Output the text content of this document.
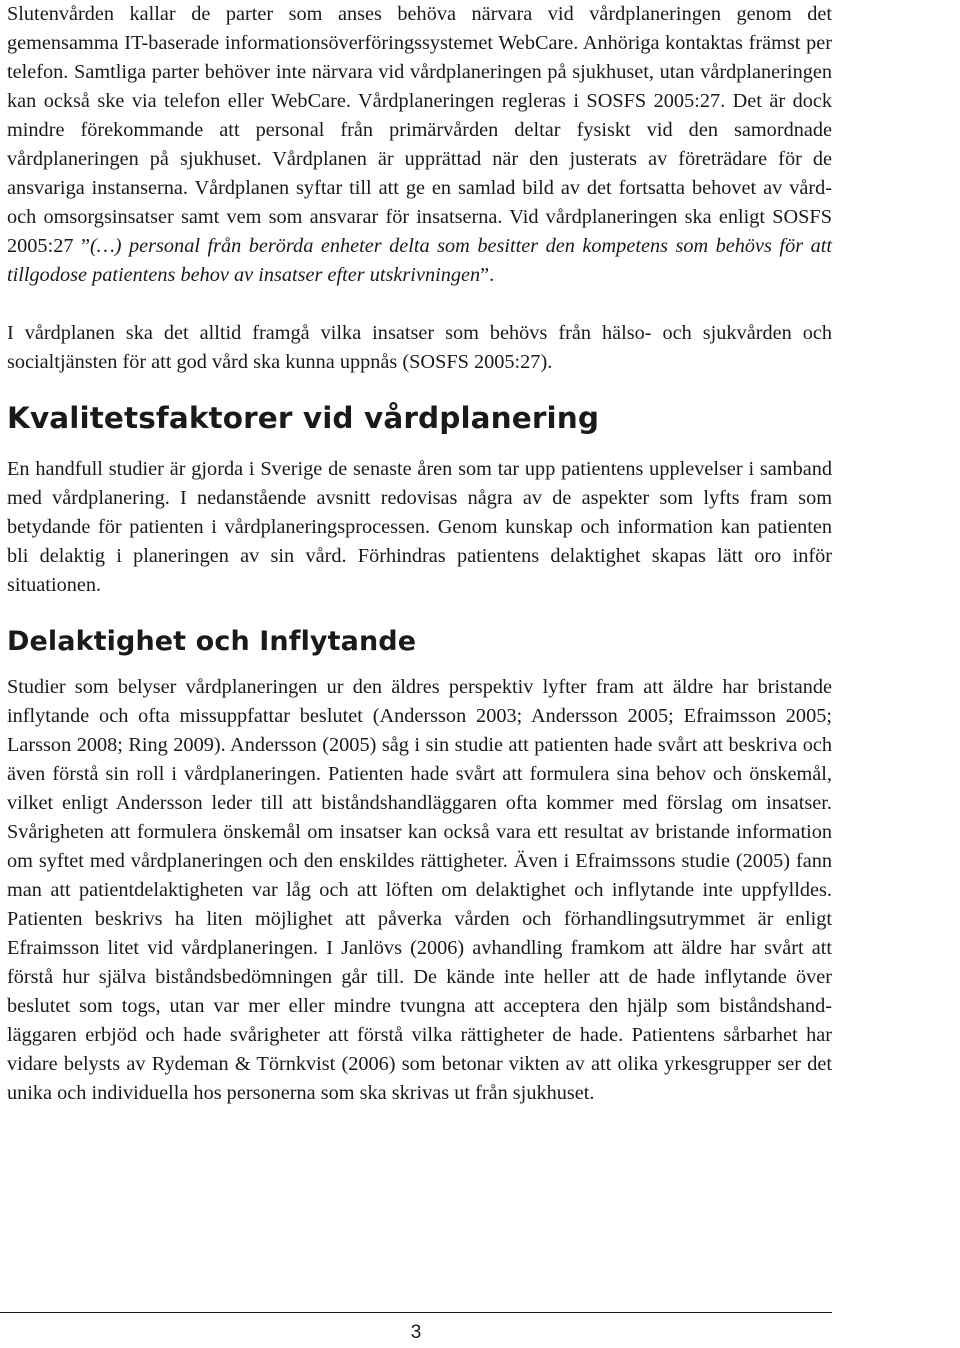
Slutenvården kallar de parter som anses behöva närvara vid vårdplaneringen genom det gemensamma IT-baserade informationsöverföringssystemet WebCare. Anhöriga kontaktas främst per telefon. Samtliga parter behöver inte närvara vid vårdplaneringen på sjukhuset, utan vårdplaneringen kan också ske via telefon eller WebCare. Vårdplaneringen regleras i SOSFS 2005:27. Det är dock mindre förekommande att personal från primärvården deltar fysiskt vid den samordnade vårdplaneringen på sjukhuset. Vårdplanen är upprättad när den justerats av företrädare för de ansvariga instanserna. Vårdplanen syftar till att ge en samlad bild av det fortsatta behovet av vård- och omsorgsinsatser samt vem som ansvarar för insatserna. Vid vårdplaneringen ska enligt SOSFS 2005:27 ”(…) personal från berörda enheter delta som besitter den kompetens som behövs för att tillgodose patientens behov av insatser efter utskrivningen”.

I vårdplanen ska det alltid framgå vilka insatser som behövs från hälso- och sjukvården och socialtjänsten för att god vård ska kunna uppnås (SOSFS 2005:27).

Kvalitetsfaktorer vid vårdplanering

En handfull studier är gjorda i Sverige de senaste åren som tar upp patientens upplevelser i samband med vårdplanering. I nedanstående avsnitt redovisas några av de aspekter som lyfts fram som betydande för patienten i vårdplaneringsprocessen. Genom kunskap och information kan patienten bli delaktig i planeringen av sin vård. Förhindras patientens delaktighet skapas lätt oro inför situationen.

Delaktighet och Inflytande

Studier som belyser vårdplaneringen ur den äldres perspektiv lyfter fram att äldre har bristande inflytande och ofta missuppfattar beslutet (Andersson 2003; Andersson 2005; Efraimsson 2005; Larsson 2008; Ring 2009). Andersson (2005) såg i sin studie att patienten hade svårt att beskriva och även förstå sin roll i vårdplaneringen. Patienten hade svårt att formulera sina behov och önskemål, vilket enligt Andersson leder till att biståndshandläggaren ofta kommer med förslag om insatser. Svårigheten att formulera önskemål om insatser kan också vara ett resultat av bristande information om syftet med vårdplaneringen och den enskildes rättigheter. Även i Efraimssons studie (2005) fann man att patientdelaktigheten var låg och att löften om delaktighet och inflytande inte uppfylldes. Patienten beskrivs ha liten möjlighet att påverka vården och förhandlingsutrymmet är enligt Efraimsson litet vid vårdplaneringen. I Janlövs (2006) avhandling framkom att äldre har svårt att förstå hur själva biståndsbedömningen går till. De kände inte heller att de hade inflytande över beslutet som togs, utan var mer eller mindre tvungna att acceptera den hjälp som biståndshandläggaren erbjöd och hade svårigheter att förstå vilka rättigheter de hade. Patientens sårbarhet har vidare belysts av Rydeman & Törnkvist (2006) som betonar vikten av att olika yrkesgrupper ser det unika och individuella hos personerna som ska skrivas ut från sjukhuset.

3
